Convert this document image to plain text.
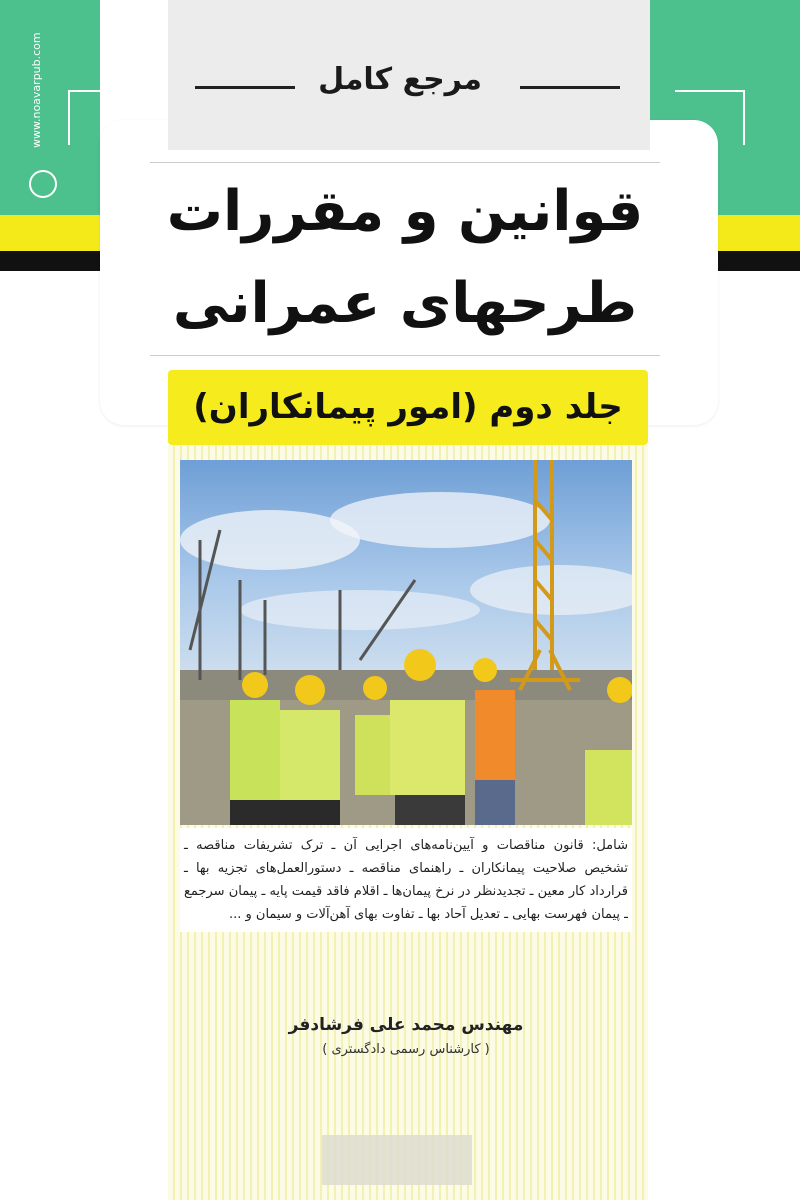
www.noavarpub.com	مرجع کامل
قوانین و مقررات
طرحهای عمرانی
جلد دوم (امور پیمانکاران)
شامل: قانون مناقصات و آیین‌نامه‌های اجرایی آن ـ ترک تشریفات مناقصه ـ تشخیص صلاحیت پیمانکاران ـ راهنمای مناقصه ـ دستورالعمل‌های تجزیه بها ـ قرارداد کار معین ـ تجدیدنظر در نرخ پیمان‌ها ـ اقلام فاقد قیمت پایه ـ پیمان سرجمع ـ پیمان فهرست بهایی ـ تعدیل آحاد بها ـ تفاوت بهای آهن‌آلات و سیمان و ...
مهندس محمد علی فرشادفر
( کارشناس رسمی دادگستری )
